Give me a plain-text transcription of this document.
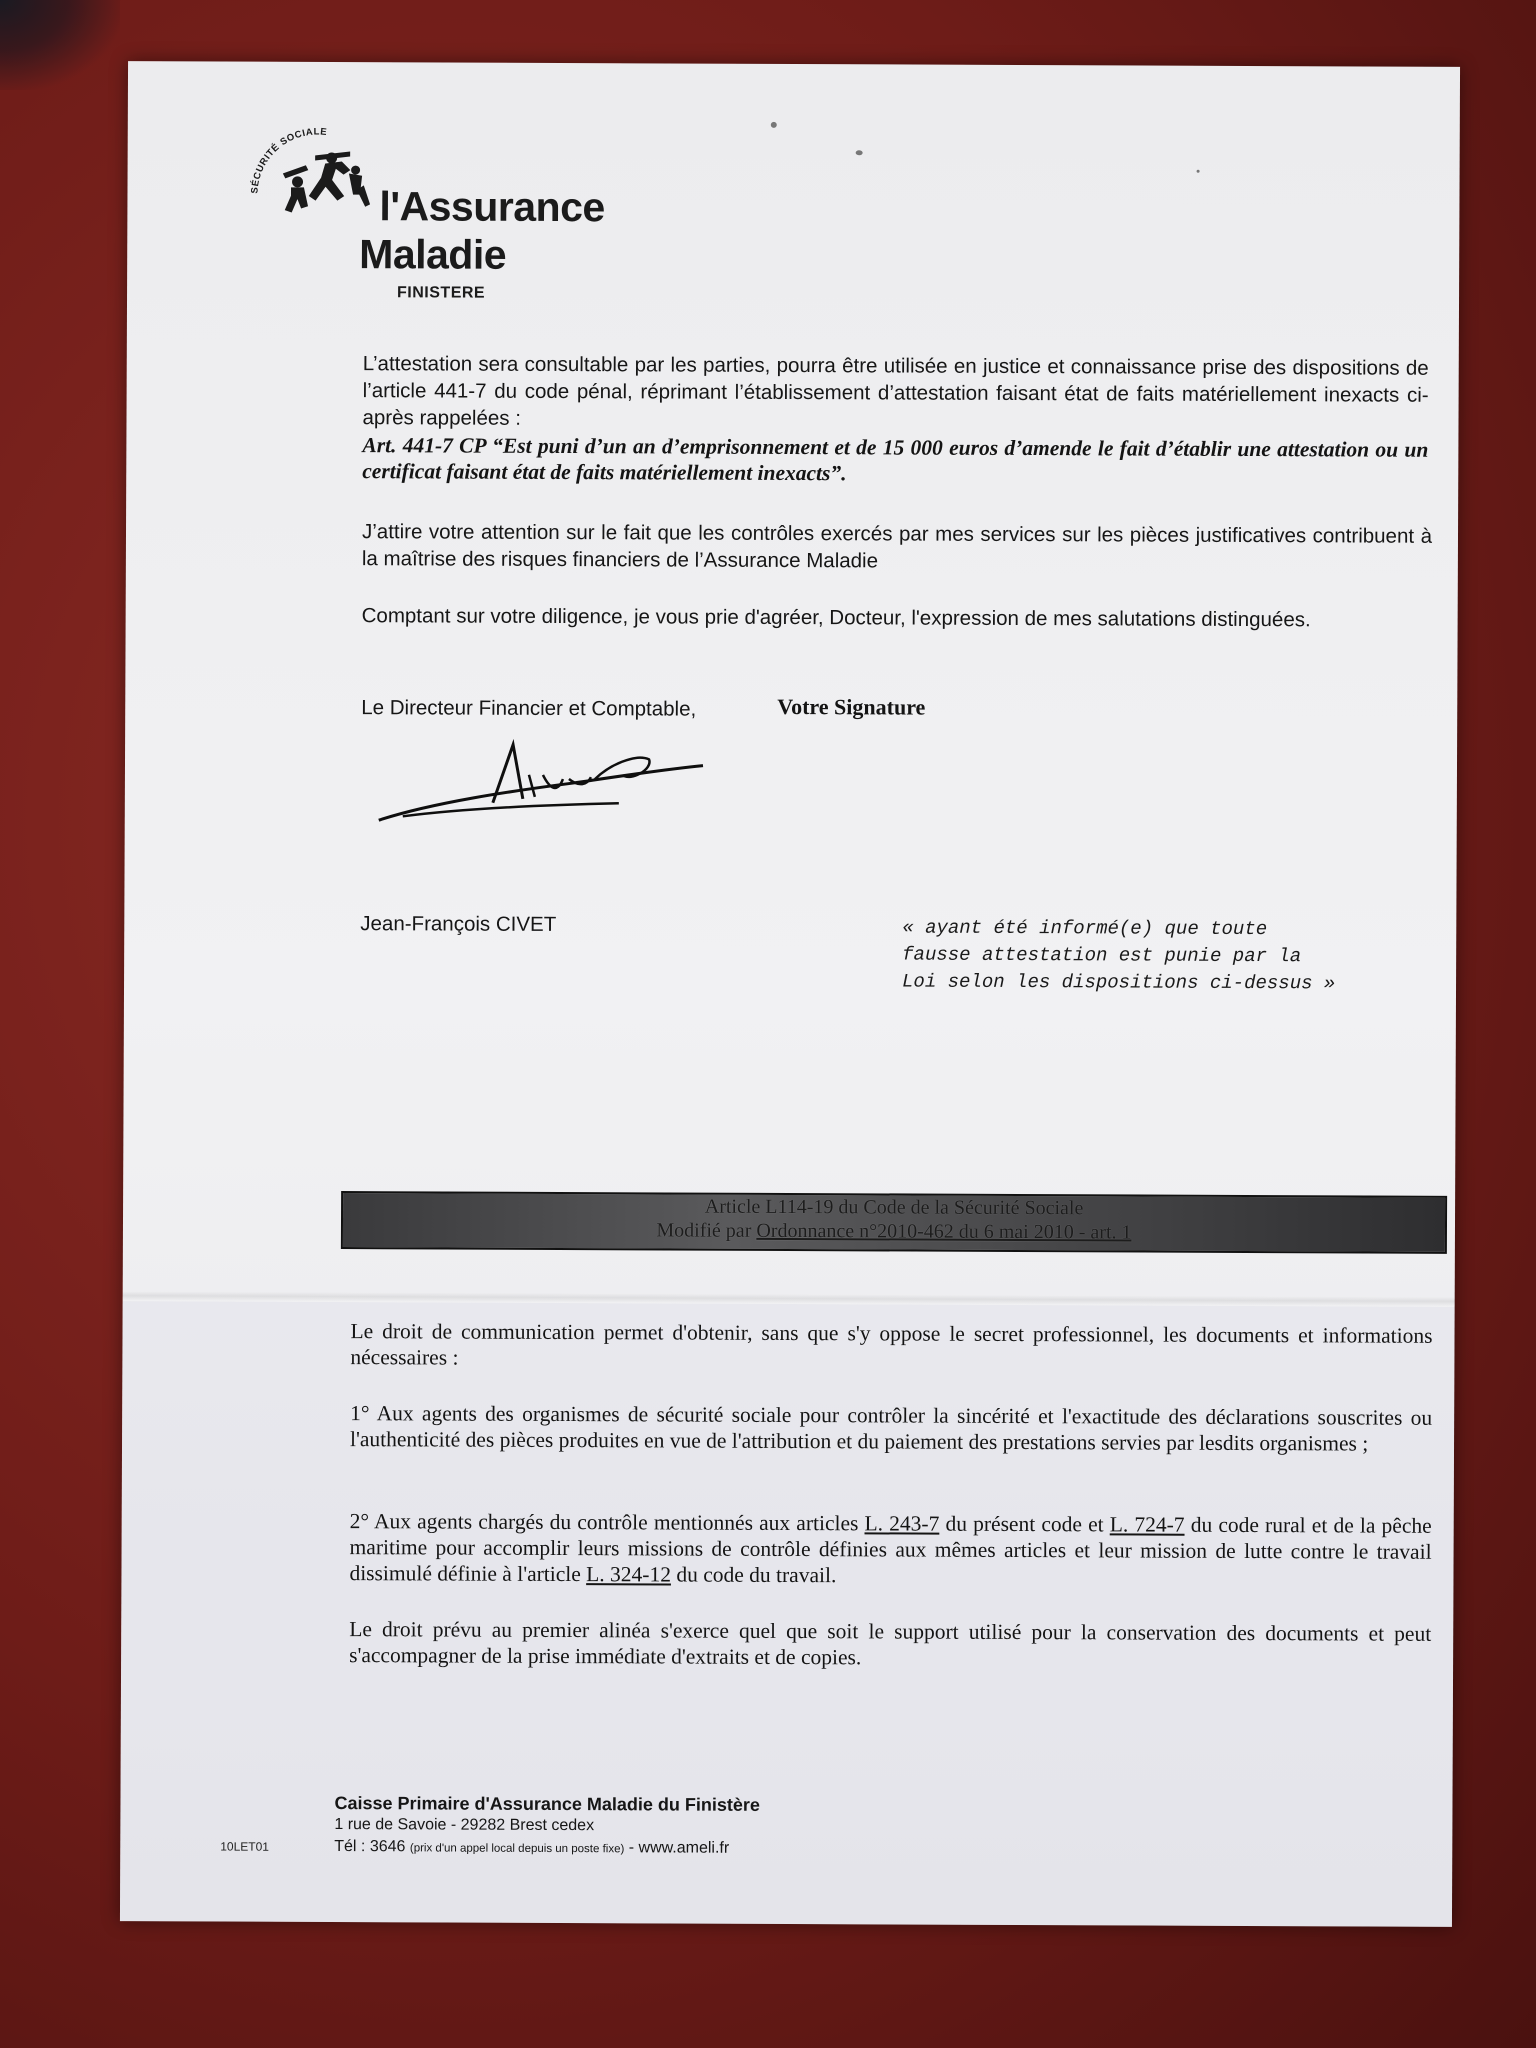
SÉCURITÉ SOCIALE
l'Assurance
Maladie
FINISTERE
L’attestation sera consultable par les parties, pourra être utilisée en justice et connaissance prise des dispositions de l’article 441-7 du code pénal, réprimant l’établissement d’attestation faisant état de faits matériellement inexacts ci-après rappelées :
Art. 441-7 CP “Est puni d’un an d’emprisonnement et de 15 000 euros d’amende le fait d’établir une attestation ou un certificat faisant état de faits matériellement inexacts”.
J’attire votre attention sur le fait que les contrôles exercés par mes services sur les pièces justificatives contribuent à la maîtrise des risques financiers de l’Assurance Maladie
Comptant sur votre diligence, je vous prie d'agréer, Docteur, l'expression de mes salutations distinguées.
Le Directeur Financier et Comptable,	Votre Signature
Jean-François CIVET	« ayant été informé(e) que toute
fausse attestation est punie par la
Loi selon les dispositions ci-dessus »
Article L114-19 du Code de la Sécurité Sociale
Modifié par Ordonnance n°2010-462 du 6 mai 2010 - art. 1
Le droit de communication permet d'obtenir, sans que s'y oppose le secret professionnel, les documents et informations nécessaires :
1° Aux agents des organismes de sécurité sociale pour contrôler la sincérité et l'exactitude des déclarations souscrites ou l'authenticité des pièces produites en vue de l'attribution et du paiement des prestations servies par lesdits organismes ;
2° Aux agents chargés du contrôle mentionnés aux articles L. 243-7 du présent code et L. 724-7 du code rural et de la pêche maritime pour accomplir leurs missions de contrôle définies aux mêmes articles et leur mission de lutte contre le travail dissimulé définie à l'article L. 324-12 du code du travail.
Le droit prévu au premier alinéa s'exerce quel que soit le support utilisé pour la conservation des documents et peut s'accompagner de la prise immédiate d'extraits et de copies.
Caisse Primaire d'Assurance Maladie du Finistère
1 rue de Savoie - 29282 Brest cedex
Tél : 3646 (prix d'un appel local depuis un poste fixe) - www.ameli.fr
10LET01
